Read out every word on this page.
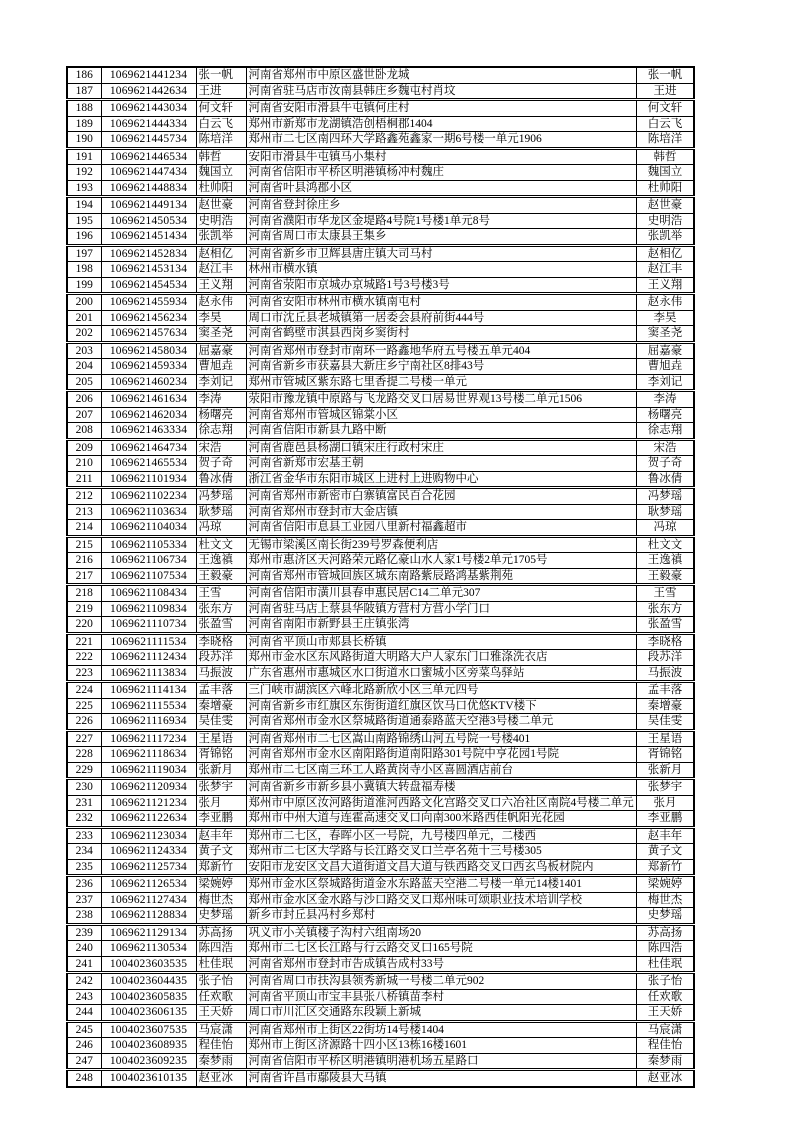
186	1069621441234	张一帆	河南省郑州市中原区盛世卧龙城	张一帆
187	1069621442634	王进	河南省驻马店市汝南县韩庄乡魏屯村肖坟	王进
188	1069621443034	何文轩	河南省安阳市滑县牛屯镇何庄村	何文轩
189	1069621444334	白云飞	郑州市新郑市龙湖镇浩创梧桐郡1404	白云飞
190	1069621445734	陈培洋	郑州市二七区南四环大学路鑫苑鑫家一期6号楼一单元1906	陈培洋
191	1069621446534	韩哲	安阳市滑县牛屯镇马小集村	韩哲
192	1069621447434	魏国立	河南省信阳市平桥区明港镇杨冲村魏庄	魏国立
193	1069621448834	杜帅阳	河南省叶县鸿郡小区	杜帅阳
194	1069621449134	赵世豪	河南省登封徐庄乡	赵世豪
195	1069621450534	史明浩	河南省濮阳市华龙区金堤路4号院1号楼1单元8号	史明浩
196	1069621451434	张凯举	河南省周口市太康县王集乡	张凯举
197	1069621452834	赵相亿	河南省新乡市卫辉县唐庄镇大司马村	赵相亿
198	1069621453134	赵江丰	林州市横水镇	赵江丰
199	1069621454534	王义翔	河南省荥阳市京城办京城路1号3号楼3号	王义翔
200	1069621455934	赵永伟	河南省安阳市林州市横水镇南屯村	赵永伟
201	1069621456234	李昊	周口市沈丘县老城镇第一居委会县府前街444号	李昊
202	1069621457634	窦圣尧	河南省鹤壁市淇县西岗乡窦街村	窦圣尧
203	1069621458034	屈嘉豪	河南省郑州市登封市南环一路鑫地华府五号楼五单元404	屈嘉豪
204	1069621459334	曹旭垚	河南省新乡市获嘉县大新庄乡宁南社区8排43号	曹旭垚
205	1069621460234	李刘记	郑州市管城区紫东路七里香提二号楼一单元	李刘记
206	1069621461634	李涛	荥阳市豫龙镇中原路与飞龙路交叉口居易世界观13号楼二单元1506	李涛
207	1069621462034	杨曙亮	河南省郑州市管城区锦棠小区	杨曙亮
208	1069621463334	徐志翔	河南省信阳市新县九路中断	徐志翔
209	1069621464734	宋浩	河南省鹿邑县杨湖口镇宋庄行政村宋庄	宋浩
210	1069621465534	贺子奇	河南省新郑市宏基王朝	贺子奇
211	1069621101934	鲁冰倩	浙江省金华市东阳市城区上进村上进购物中心	鲁冰倩
212	1069621102234	冯梦瑶	河南省郑州市新密市白寨镇富民百合花园	冯梦瑶
213	1069621103634	耿梦瑶	河南省郑州市登封市大金店镇	耿梦瑶
214	1069621104034	冯琼	河南省信阳市息县工业园八里新村福鑫超市	冯琼
215	1069621105334	杜文文	无锡市梁溪区南长街239号罗森便利店	杜文文
216	1069621106734	王逸禛	郑州市惠济区天河路荣元路亿豪山水人家1号楼2单元1705号	王逸禛
217	1069621107534	王毅豪	河南省郑州市管城回族区城东南路紫辰路鸿基紫荆苑	王毅豪
218	1069621108434	王雪	河南省信阳市潢川县春申惠民居C14二单元307	王雪
219	1069621109834	张东方	河南省驻马店上蔡县华陂镇方营村方营小学门口	张东方
220	1069621110734	张盈雪	河南省南阳市新野县王庄镇张湾	张盈雪
221	1069621111534	李晓格	河南省平顶山市郏县长桥镇	李晓格
222	1069621112434	段苏洋	郑州市金水区东风路街道大明路大户人家东门口雅涤洗衣店	段苏洋
223	1069621113834	马振波	广东省惠州市惠城区水口街道水口蜜城小区旁菜鸟驿站	马振波
224	1069621114134	孟丰落	三门峡市湖滨区六峰北路新欣小区三单元四号	孟丰落
225	1069621115534	秦增豪	河南省新乡市红旗区东街街道红旗区饮马口优悠KTV楼下	秦增豪
226	1069621116934	吴佳雯	河南省郑州市金水区祭城路街道通泰路蓝天空港3号楼二单元	吴佳雯
227	1069621117234	王星语	河南省郑州市二七区嵩山南路锦绣山河五号院一号楼401	王星语
228	1069621118634	胥锦铭	河南省郑州市金水区南阳路街道南阳路301号院中亨花园1号院	胥锦铭
229	1069621119034	张新月	郑州市二七区南三环工人路黄岗寺小区喜圆酒店前台	张新月
230	1069621120934	张梦宇	河南省新乡市新乡县小冀镇大转盘福寿楼	张梦宇
231	1069621121234	张月	郑州市中原区汝河路街道淮河西路文化宫路交叉口六冶社区南院4号楼二单元	张月
232	1069621122634	李亚鹏	郑州市中州大道与连霍高速交叉口向南300米路西佳帆阳光花园	李亚鹏
233	1069621123034	赵丰年	郑州市二七区，春晖小区一号院，九号楼四单元，二楼西	赵丰年
234	1069621124334	黄子文	郑州市二七区大学路与长江路交叉口兰亭名苑十三号楼305	黄子文
235	1069621125734	郑新竹	安阳市龙安区文昌大道街道文昌大道与铁西路交叉口西玄鸟板材院内	郑新竹
236	1069621126534	梁婉婷	郑州市金水区祭城路街道金水东路蓝天空港二号楼一单元14楼1401	梁婉婷
237	1069621127434	梅世杰	郑州市金水区金水路与沙口路交叉口郑州味可颂职业技术培训学校	梅世杰
238	1069621128834	史梦瑶	新乡市封丘县冯村乡郑村	史梦瑶
239	1069621129134	苏高扬	巩义市小关镇楼子沟村六组南场20	苏高扬
240	1069621130534	陈四浩	郑州市二七区长江路与行云路交叉口165号院	陈四浩
241	1004023603535	杜佳珉	河南省郑州市登封市告成镇告成村33号	杜佳珉
242	1004023604435	张子怡	河南省周口市扶沟县领秀新城一号楼二单元902	张子怡
243	1004023605835	任欢歌	河南省平顶山市宝丰县张八桥镇苗李村	任欢歌
244	1004023606135	王天娇	周口市川汇区交通路东段颖上新城	王天娇
245	1004023607535	马宸潇	河南省郑州市上街区22街坊14号楼1404	马宸潇
246	1004023608935	程佳怡	郑州市上街区济源路十四小区13栋16楼1601	程佳怡
247	1004023609235	秦梦雨	河南省信阳市平桥区明港镇明港机场五星路口	秦梦雨
248	1004023610135	赵亚冰	河南省许昌市鄢陵县大马镇	赵亚冰
